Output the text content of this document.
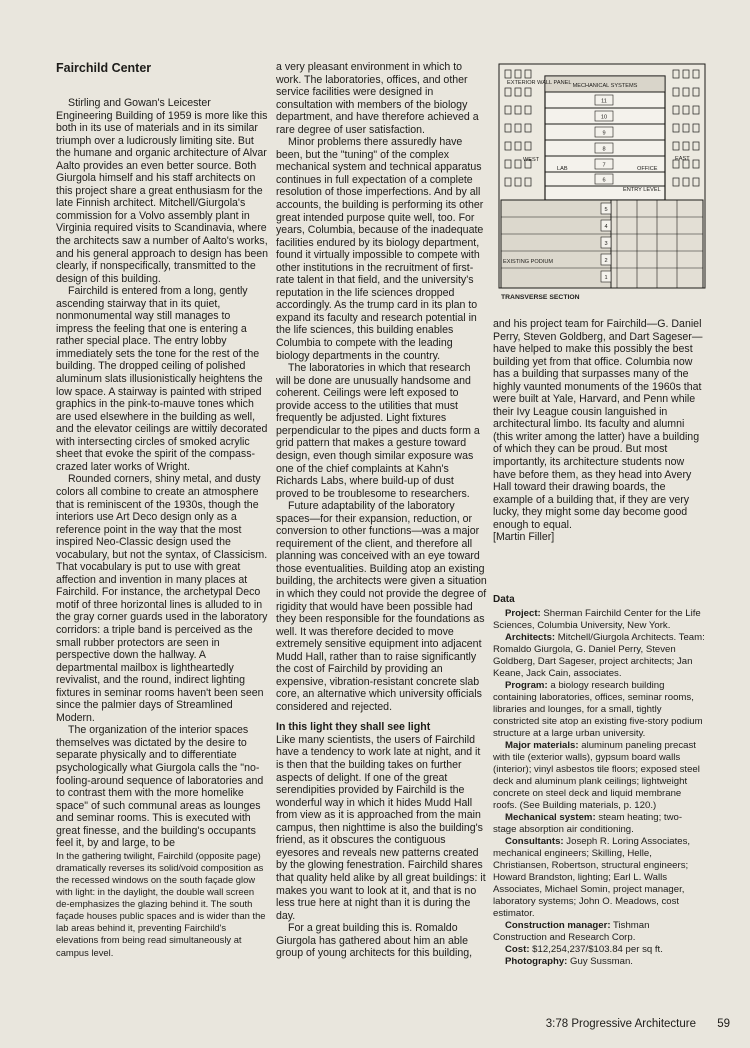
Fairchild Center

Stirling and Gowan's Leicester Engineering Building of 1959 is more like this both in its use of materials and in its similar triumph over a ludicrously limiting site. But the humane and organic architecture of Alvar Aalto provides an even better source. Both Giurgola himself and his staff architects on this project share a great enthusiasm for the late Finnish architect. Mitchell/Giurgola's commission for a Volvo assembly plant in Virginia required visits to Scandinavia, where the architects saw a number of Aalto's works, and his general approach to design has been clearly, if nonspecifically, transmitted to the design of this building.

Fairchild is entered from a long, gently ascending stairway that in its quiet, nonmonumental way still manages to impress the feeling that one is entering a rather special place. The entry lobby immediately sets the tone for the rest of the building. The dropped ceiling of polished aluminum slats illusionistically heightens the low space. A stairway is painted with striped graphics in the pink-to-mauve tones which are used elsewhere in the building as well, and the elevator ceilings are wittily decorated with intersecting circles of smoked acrylic sheet that evoke the spirit of the compass-crazed later works of Wright.

Rounded corners, shiny metal, and dusty colors all combine to create an atmosphere that is reminiscent of the 1930s, though the interiors use Art Deco design only as a reference point in the way that the most inspired Neo-Classic design used the vocabulary, but not the syntax, of Classicism. That vocabulary is put to use with great affection and invention in many places at Fairchild. For instance, the archetypal Deco motif of three horizontal lines is alluded to in the gray corner guards used in the laboratory corridors: a triple band is perceived as the small rubber protectors are seen in perspective down the hallway. A departmental mailbox is lightheartedly revivalist, and the round, indirect lighting fixtures in seminar rooms haven't been seen since the palmier days of Streamlined Modern.

The organization of the interior spaces themselves was dictated by the desire to separate physically and to differentiate psychologically what Giurgola calls the "no-fooling-around sequence of laboratories and to contrast them with the more homelike space" of such communal areas as lounges and seminar rooms. This is executed with great finesse, and the building's occupants feel it, by and large, to be

In the gathering twilight, Fairchild (opposite page) dramatically reverses its solid/void composition as the recessed windows on the south façade glow with light: in the daylight, the double wall screen de-emphasizes the glazing behind it. The south façade houses public spaces and is wider than the lab areas behind it, preventing Fairchild's elevations from being read simultaneously at campus level.

a very pleasant environment in which to work. The laboratories, offices, and other service facilities were designed in consultation with members of the biology department, and have therefore achieved a rare degree of user satisfaction.

Minor problems there assuredly have been, but the "tuning" of the complex mechanical system and technical apparatus continues in full expectation of a complete resolution of those imperfections. And by all accounts, the building is performing its other great intended purpose quite well, too. For years, Columbia, because of the inadequate facilities endured by its biology department, found it virtually impossible to compete with other institutions in the recruitment of first-rate talent in that field, and the university's reputation in the life sciences dropped accordingly. As the trump card in its plan to expand its faculty and research potential in the life sciences, this building enables Columbia to compete with the leading biology departments in the country.

The laboratories in which that research will be done are unusually handsome and coherent. Ceilings were left exposed to provide access to the utilities that must frequently be adjusted. Light fixtures perpendicular to the pipes and ducts form a grid pattern that makes a gesture toward design, even though similar exposure was one of the chief complaints at Kahn's Richards Labs, where build-up of dust proved to be troublesome to researchers.

Future adaptability of the laboratory spaces—for their expansion, reduction, or conversion to other functions—was a major requirement of the client, and therefore all planning was conceived with an eye toward those eventualities. Building atop an existing building, the architects were given a situation in which they could not provide the degree of rigidity that would have been possible had they been responsible for the foundations as well. It was therefore decided to move extremely sensitive equipment into adjacent Mudd Hall, rather than to raise significantly the cost of Fairchild by providing an expensive, vibration-resistant concrete slab core, an alternative which university officials considered and rejected.

In this light they shall see light

Like many scientists, the users of Fairchild have a tendency to work late at night, and it is then that the building takes on further aspects of delight. If one of the great serendipities provided by Fairchild is the wonderful way in which it hides Mudd Hall from view as it is approached from the main campus, then nighttime is also the building's friend, as it obscures the contiguous eyesores and reveals new patterns created by the glowing fenestration. Fairchild shares that quality held alike by all great buildings: it makes you want to look at it, and that is no less true here at night than it is during the day.

For a great building this is. Romaldo Giurgola has gathered about him an able group of young architects for this building,

11
10
9
8
7
6
5
4
3
2
1
MECHANICAL SYSTEMS
EXTERIOR WALL PANEL
WEST	EAST
LAB	OFFICE
ENTRY LEVEL
EXISTING PODIUM
TRANSVERSE SECTION

and his project team for Fairchild—G. Daniel Perry, Steven Goldberg, and Dart Sageser—have helped to make this possibly the best building yet from that office. Columbia now has a building that surpasses many of the highly vaunted monuments of the 1960s that were built at Yale, Harvard, and Penn while their Ivy League cousin languished in architectural limbo. Its faculty and alumni (this writer among the latter) have a building of which they can be proud. But most importantly, its architecture students now have before them, as they head into Avery Hall toward their drawing boards, the example of a building that, if they are very lucky, they might some day become good enough to equal.

[Martin Filler]

Data

Project: Sherman Fairchild Center for the Life Sciences, Columbia University, New York.

Architects: Mitchell/Giurgola Architects. Team: Romaldo Giurgola, G. Daniel Perry, Steven Goldberg, Dart Sageser, project architects; Jan Keane, Jack Cain, associates.

Program: a biology research building containing laboratories, offices, seminar rooms, libraries and lounges, for a small, tightly constricted site atop an existing five-story podium structure at a large urban university.

Major materials: aluminum paneling precast with tile (exterior walls), gypsum board walls (interior); vinyl asbestos tile floors; exposed steel deck and aluminum plank ceilings; lightweight concrete on steel deck and liquid membrane roofs. (See Building materials, p. 120.)

Mechanical system: steam heating; two-stage absorption air conditioning.

Consultants: Joseph R. Loring Associates, mechanical engineers; Skilling, Helle, Christiansen, Robertson, structural engineers; Howard Brandston, lighting; Earl L. Walls Associates, Michael Somin, project manager, laboratory systems; John O. Meadows, cost estimator.

Construction manager: Tishman Construction and Research Corp.

Cost: $12,254,237/$103.84 per sq ft.

Photography: Guy Sussman.

3:78 Progressive Architecture 59
